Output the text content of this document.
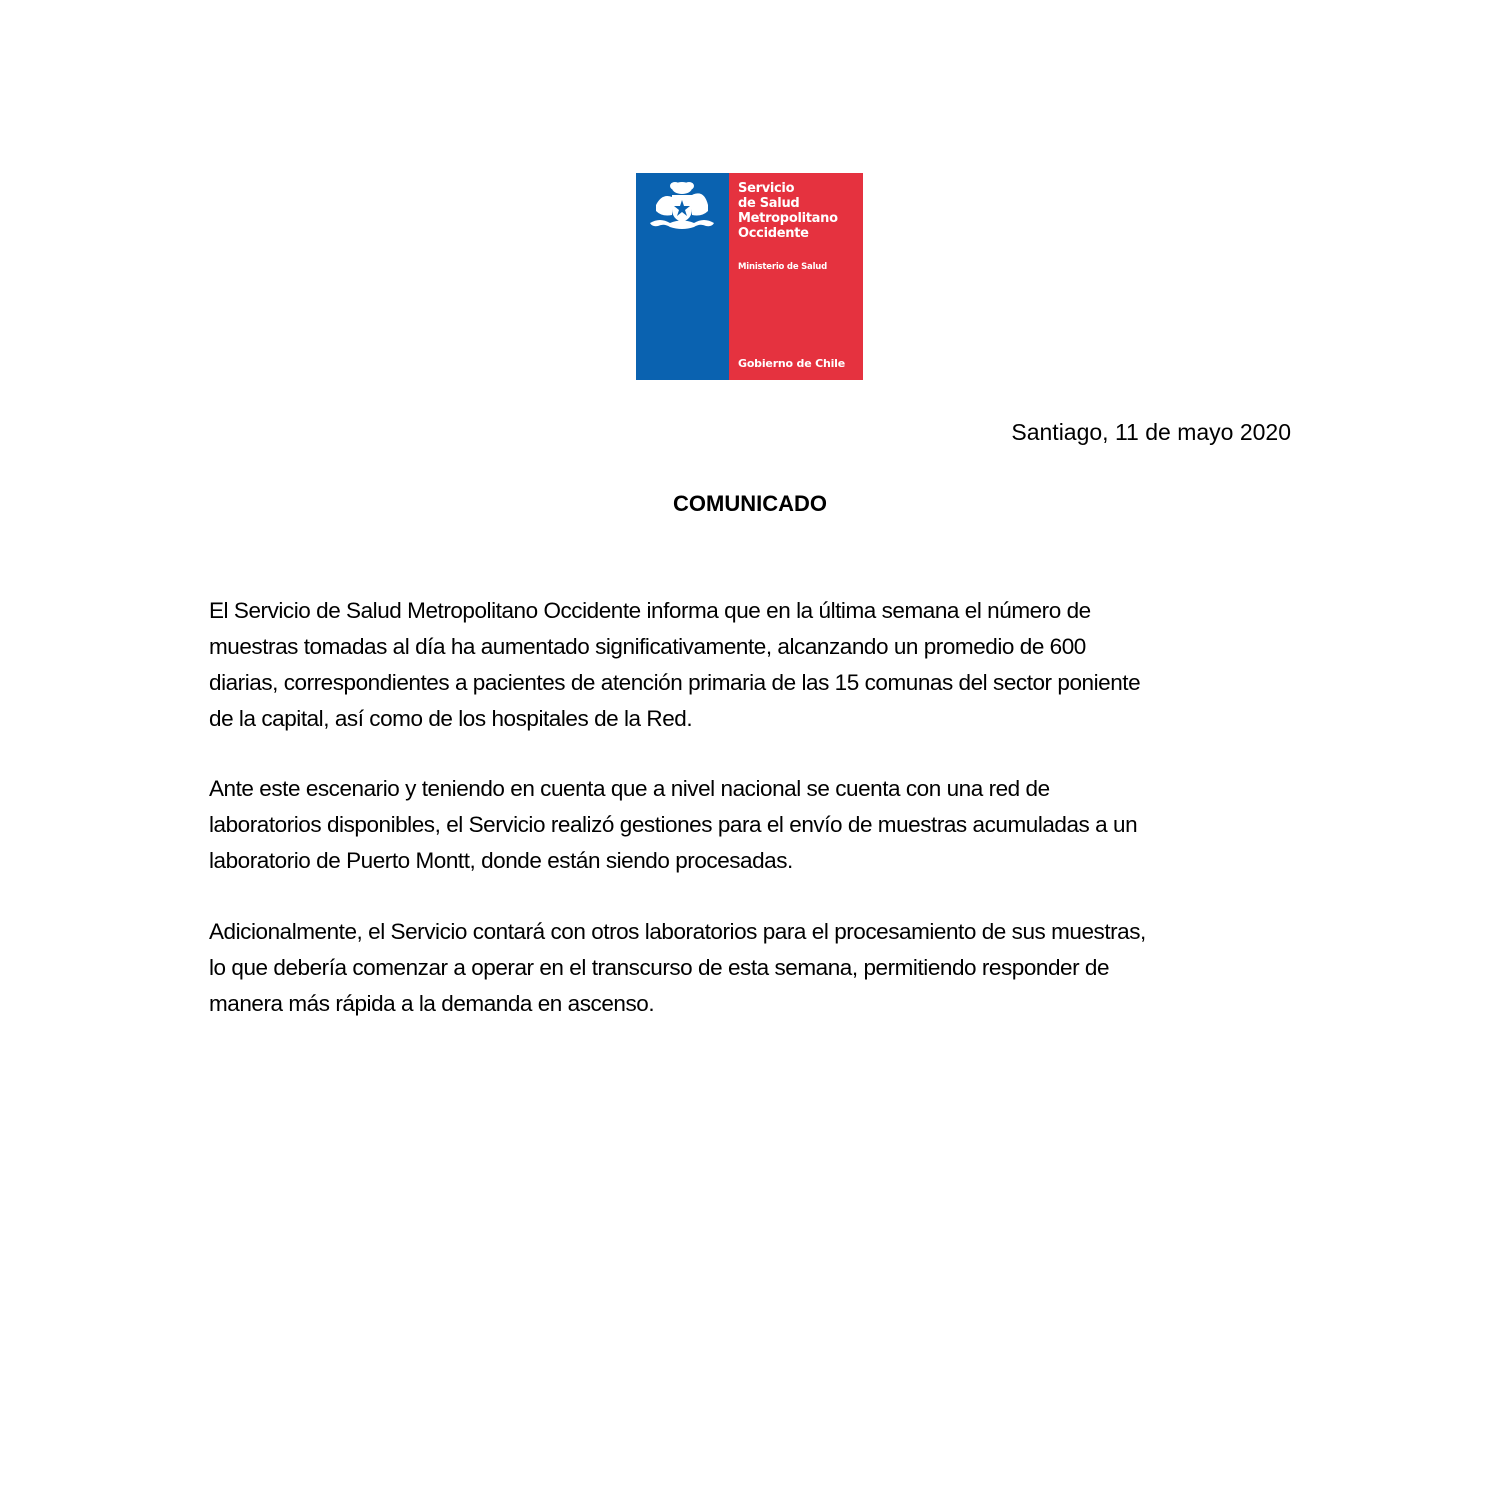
Servicio
de Salud
Metropolitano
Occidente
Ministerio de Salud
Gobierno de Chile
Santiago, 11 de mayo 2020
COMUNICADO
El Servicio de Salud Metropolitano Occidente informa que en la última semana el número de
muestras tomadas al día ha aumentado significativamente, alcanzando un promedio de 600
diarias, correspondientes a pacientes de atención primaria de las 15 comunas del sector poniente
de la capital, así como de los hospitales de la Red.
Ante este escenario y teniendo en cuenta que a nivel nacional se cuenta con una red de
laboratorios disponibles, el Servicio realizó gestiones para el envío de muestras acumuladas a un
laboratorio de Puerto Montt, donde están siendo procesadas.
Adicionalmente, el Servicio contará con otros laboratorios para el procesamiento de sus muestras,
lo que debería comenzar a operar en el transcurso de esta semana, permitiendo responder de
manera más rápida a la demanda en ascenso.
